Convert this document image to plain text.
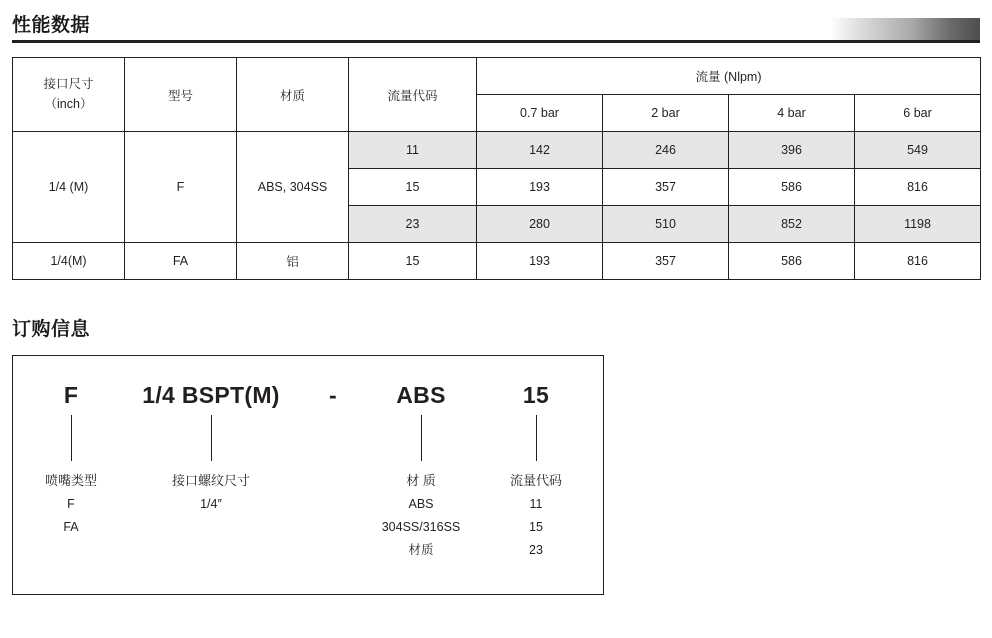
性能数据
接口尺寸
（inch）	型号	材质	流量代码	流量 (Nlpm)			
				0.7 bar	2 bar	4 bar	6 bar
1/4 (M)	F	ABS, 304SS	11	142	246	396	549
			15	193	357	586	816
			23	280	510	852	1198
1/4(M)	FA	铝	15	193	357	586	816
订购信息
F	1/4 BSPT(M)	-	ABS	15
喷嘴类型
F
FA
接口螺纹尺寸
1/4″
材 质
ABS
304SS/316SS
材质
流量代码
11
15
23
